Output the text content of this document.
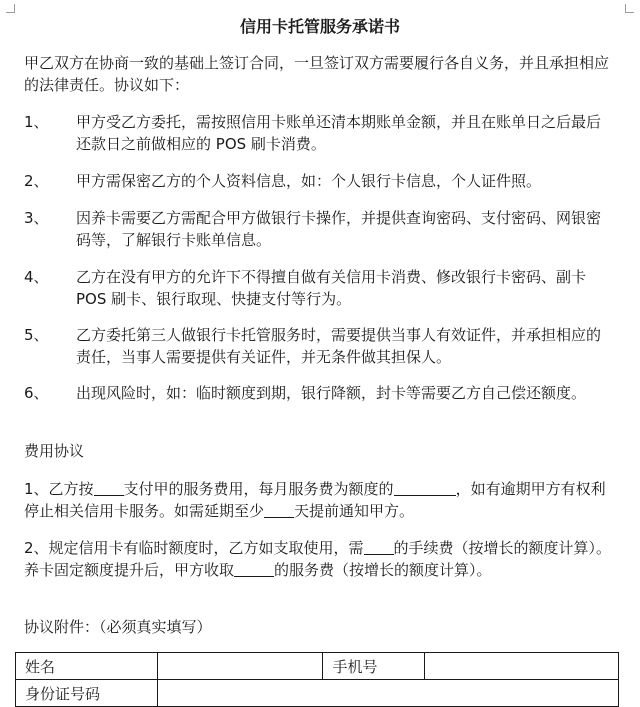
信用卡托管服务承诺书
甲乙双方在协商一致的基础上签订合同，一旦签订双方需要履行各自义务，并且承担相应的法律责任。协议如下：
1、	甲方受乙方委托，需按照信用卡账单还清本期账单金额，并且在账单日之后最后还款日之前做相应的 POS 刷卡消费。
2、	甲方需保密乙方的个人资料信息，如：个人银行卡信息，个人证件照。
3、	因养卡需要乙方需配合甲方做银行卡操作，并提供查询密码、支付密码、网银密码等，了解银行卡账单信息。
4、	乙方在没有甲方的允许下不得擅自做有关信用卡消费、修改银行卡密码、副卡 POS 刷卡、银行取现、快捷支付等行为。
5、	乙方委托第三人做银行卡托管服务时，需要提供当事人有效证件，并承担相应的责任，当事人需要提供有关证件，并无条件做其担保人。
6、	出现风险时，如：临时额度到期，银行降额，封卡等需要乙方自己偿还额度。
费用协议
1、乙方按 支付甲的服务费用，每月服务费为额度的	，如有逾期甲方有权利停止相关信用卡服务。如需延期至少 天提前通知甲方。
2、规定信用卡有临时额度时，乙方如支取使用，需 的手续费（按增长的额度计算）。养卡固定额度提升后，甲方收取	的服务费（按增长的额度计算）。
协议附件：（必须真实填写）
姓名		手机号	
身份证号码			
